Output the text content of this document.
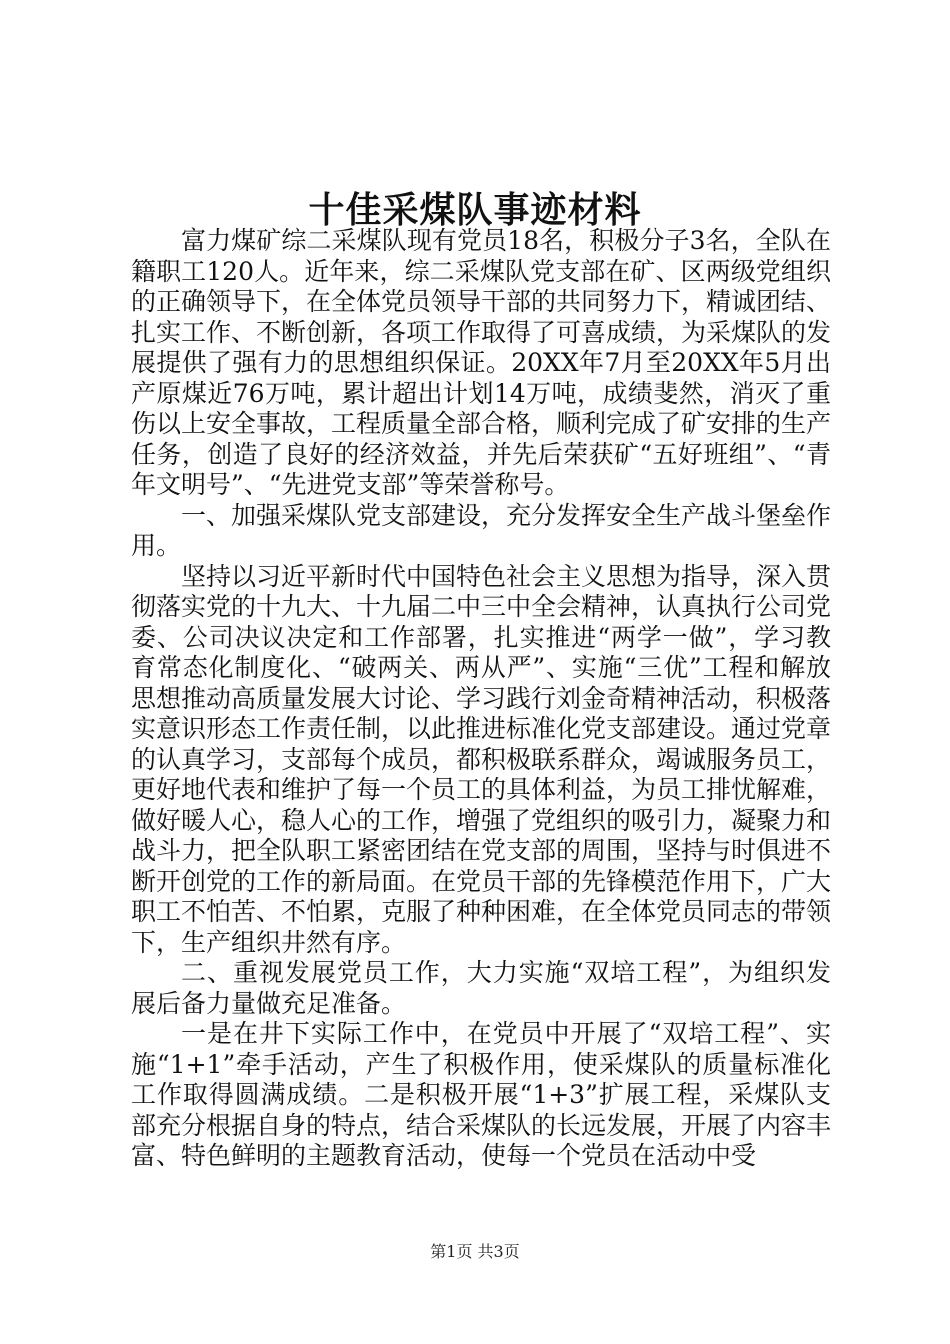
十佳采煤队事迹材料

富力煤矿综二采煤队现有党员18名，积极分子3名，全队在籍职工120人。近年来，综二采煤队党支部在矿、区两级党组织的正确领导下，在全体党员领导干部的共同努力下，精诚团结、扎实工作、不断创新，各项工作取得了可喜成绩，为采煤队的发展提供了强有力的思想组织保证。20XX年7月至20XX年5月出产原煤近76万吨，累计超出计划14万吨，成绩斐然，消灭了重伤以上安全事故，工程质量全部合格，顺利完成了矿安排的生产任务，创造了良好的经济效益，并先后荣获矿“五好班组”、“青年文明号”、“先进党支部”等荣誉称号。

一、加强采煤队党支部建设，充分发挥安全生产战斗堡垒作用。

坚持以习近平新时代中国特色社会主义思想为指导，深入贯彻落实党的十九大、十九届二中三中全会精神，认真执行公司党委、公司决议决定和工作部署，扎实推进“两学一做”，学习教育常态化制度化、“破两关、两从严”、实施“三优”工程和解放思想推动高质量发展大讨论、学习践行刘金奇精神活动，积极落实意识形态工作责任制，以此推进标准化党支部建设。通过党章的认真学习，支部每个成员，都积极联系群众，竭诚服务员工，更好地代表和维护了每一个员工的具体利益，为员工排忧解难，做好暖人心，稳人心的工作，增强了党组织的吸引力，凝聚力和战斗力，把全队职工紧密团结在党支部的周围，坚持与时俱进不断开创党的工作的新局面。在党员干部的先锋模范作用下，广大职工不怕苦、不怕累，克服了种种困难，在全体党员同志的带领下，生产组织井然有序。

二、重视发展党员工作，大力实施“双培工程”，为组织发展后备力量做充足准备。

一是在井下实际工作中，在党员中开展了“双培工程”、实施“1+1”牵手活动，产生了积极作用，使采煤队的质量标准化工作取得圆满成绩。二是积极开展“1+3”扩展工程，采煤队支部充分根据自身的特点，结合采煤队的长远发展，开展了内容丰富、特色鲜明的主题教育活动，使每一个党员在活动中受

第1页 共3页
